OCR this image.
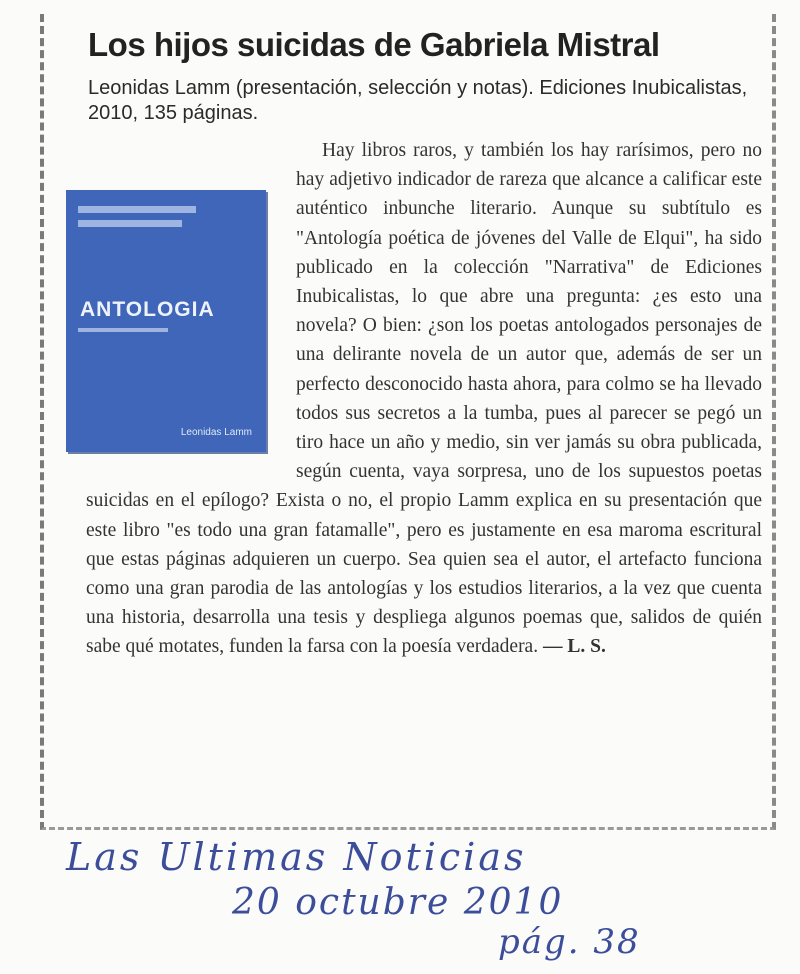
Los hijos suicidas de Gabriela Mistral

Leonidas Lamm (presentación, selección y notas). Ediciones Inubicalistas, 2010, 135 páginas.

ANTOLOGIA
Leonidas Lamm

Hay libros raros, y también los hay rarísimos, pero no hay adjetivo indicador de rareza que alcance a calificar este auténtico inbunche literario. Aunque su subtítulo es "Antología poética de jóvenes del Valle de Elqui", ha sido publicado en la colección "Narrativa" de Ediciones Inubicalistas, lo que abre una pregunta: ¿es esto una novela? O bien: ¿son los poetas antologados personajes de una delirante novela de un autor que, además de ser un perfecto desconocido hasta ahora, para colmo se ha llevado todos sus secretos a la tumba, pues al parecer se pegó un tiro hace un año y medio, sin ver jamás su obra publicada, según cuenta, vaya sorpresa, uno de los supuestos poetas suicidas en el epílogo? Exista o no, el propio Lamm explica en su presentación que este libro "es todo una gran fatamalle", pero es justamente en esa maroma escritural que estas páginas adquieren un cuerpo. Sea quien sea el autor, el artefacto funciona como una gran parodia de las antologías y los estudios literarios, a la vez que cuenta una historia, desarrolla una tesis y despliega algunos poemas que, salidos de quién sabe qué motates, funden la farsa con la poesía verdadera. — L. S.

Las Ultimas Noticias
20 octubre 2010
pág. 38
